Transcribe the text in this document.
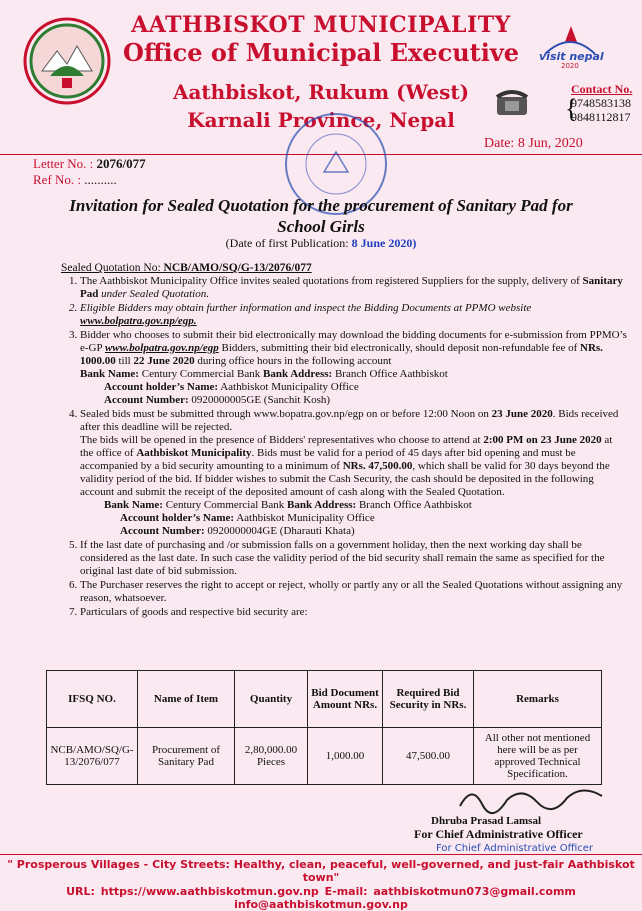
AATHBISKOT MUNICIPALITY
Office of Municipal Executive
Aathbiskot, Rukum (West)
Karnali Province, Nepal
visit nepal
2020
{
Contact No.
9748583138
9848112817
Date: 8 Jun, 2020
Letter No. : 2076/077
Ref No. : ..........
Invitation for Sealed Quotation for the procurement of Sanitary Pad for School Girls
(Date of first Publication: 8 June 2020)
Sealed Quotation No: NCB/AMO/SQ/G-13/2076/077
1. The Aathbiskot Municipality Office invites sealed quotations from registered Suppliers for the supply, delivery of Sanitary Pad under Sealed Quotation.
2. Eligible Bidders may obtain further information and inspect the Bidding Documents at PPMO website www.bolpatra.gov.np/egp.
3. Bidder who chooses to submit their bid electronically may download the bidding documents for e-submission from PPMO’s e-GP www.bolpatra.gov.np/egp Bidders, submitting their bid electronically, should deposit non-refundable fee of NRs. 1000.00 till 22 June 2020 during office hours in the following account
Bank Name: Century Commercial Bank Bank Address: Branch Office Aathbiskot
Account holder’s Name: Aathbiskot Municipality Office
Account Number: 0920000005GE (Sanchit Kosh)
4. Sealed bids must be submitted through www.bopatra.gov.np/egp on or before 12:00 Noon on 23 June 2020. Bids received after this deadline will be rejected.
The bids will be opened in the presence of Bidders' representatives who choose to attend at 2:00 PM on 23 June 2020 at the office of Aathbiskot Municipality. Bids must be valid for a period of 45 days after bid opening and must be accompanied by a bid security amounting to a minimum of NRs. 47,500.00, which shall be valid for 30 days beyond the validity period of the bid. If bidder wishes to submit the Cash Security, the cash should be deposited in the following account and submit the receipt of the deposited amount of cash along with the Sealed Quotation.
Bank Name: Century Commercial Bank Bank Address: Branch Office Aathbiskot
Account holder’s Name: Aathbiskot Municipality Office
Account Number: 0920000004GE (Dharauti Khata)
5. If the last date of purchasing and /or submission falls on a government holiday, then the next working day shall be considered as the last date. In such case the validity period of the bid security shall remain the same as specified for the original last date of bid submission.
6. The Purchaser reserves the right to accept or reject, wholly or partly any or all the Sealed Quotations without assigning any reason, whatsoever.
7. Particulars of goods and respective bid security are:
IFSQ NO.	Name of Item	Quantity	Bid Document Amount NRs.	Required Bid Security in NRs.	Remarks
NCB/AMO/SQ/G-13/2076/077	Procurement of Sanitary Pad	2,80,000.00 Pieces	1,000.00	47,500.00	All other not mentioned here will be as per approved Technical Specification.
Dhruba Prasad Lamsal
For Chief Administrative Officer
For Chief Administrative Officer
" Prosperous Villages - City Streets: Healthy, clean, peaceful, well-governed, and just-fair Aathbiskot town"
URL: https://www.aathbiskotmun.gov.np E-mail: aathbiskotmun073@gmail.comm info@aathbiskotmun.gov.np
